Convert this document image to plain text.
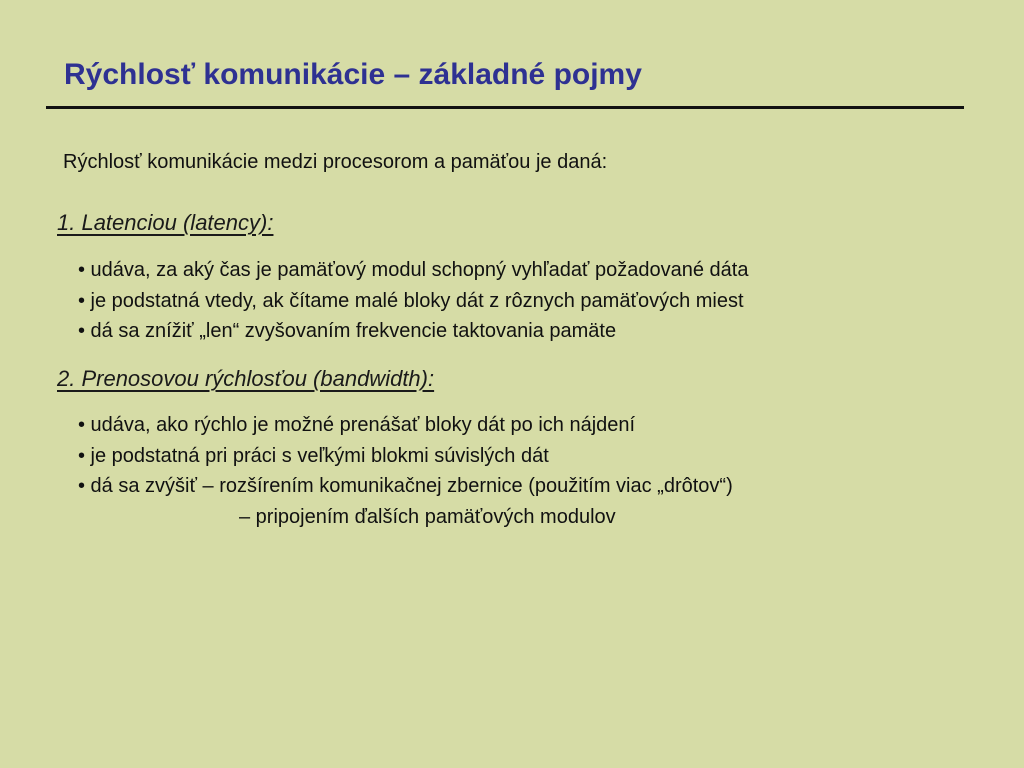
Rýchlosť komunikácie – základné pojmy
Rýchlosť komunikácie medzi procesorom a pamäťou je daná:
1. Latenciou (latency):
• udáva, za aký čas je pamäťový modul schopný vyhľadať požadované dáta
• je podstatná vtedy, ak čítame malé bloky dát z rôznych pamäťových miest
• dá sa znížiť „len“ zvyšovaním frekvencie taktovania pamäte
2. Prenosovou rýchlosťou (bandwidth):
• udáva, ako rýchlo je možné prenášať bloky dát po ich nájdení
• je podstatná pri práci s veľkými blokmi súvislých dát
• dá sa zvýšiť – rozšírením komunikačnej zbernice (použitím viac „drôtov“)
– pripojením ďalších pamäťových modulov
